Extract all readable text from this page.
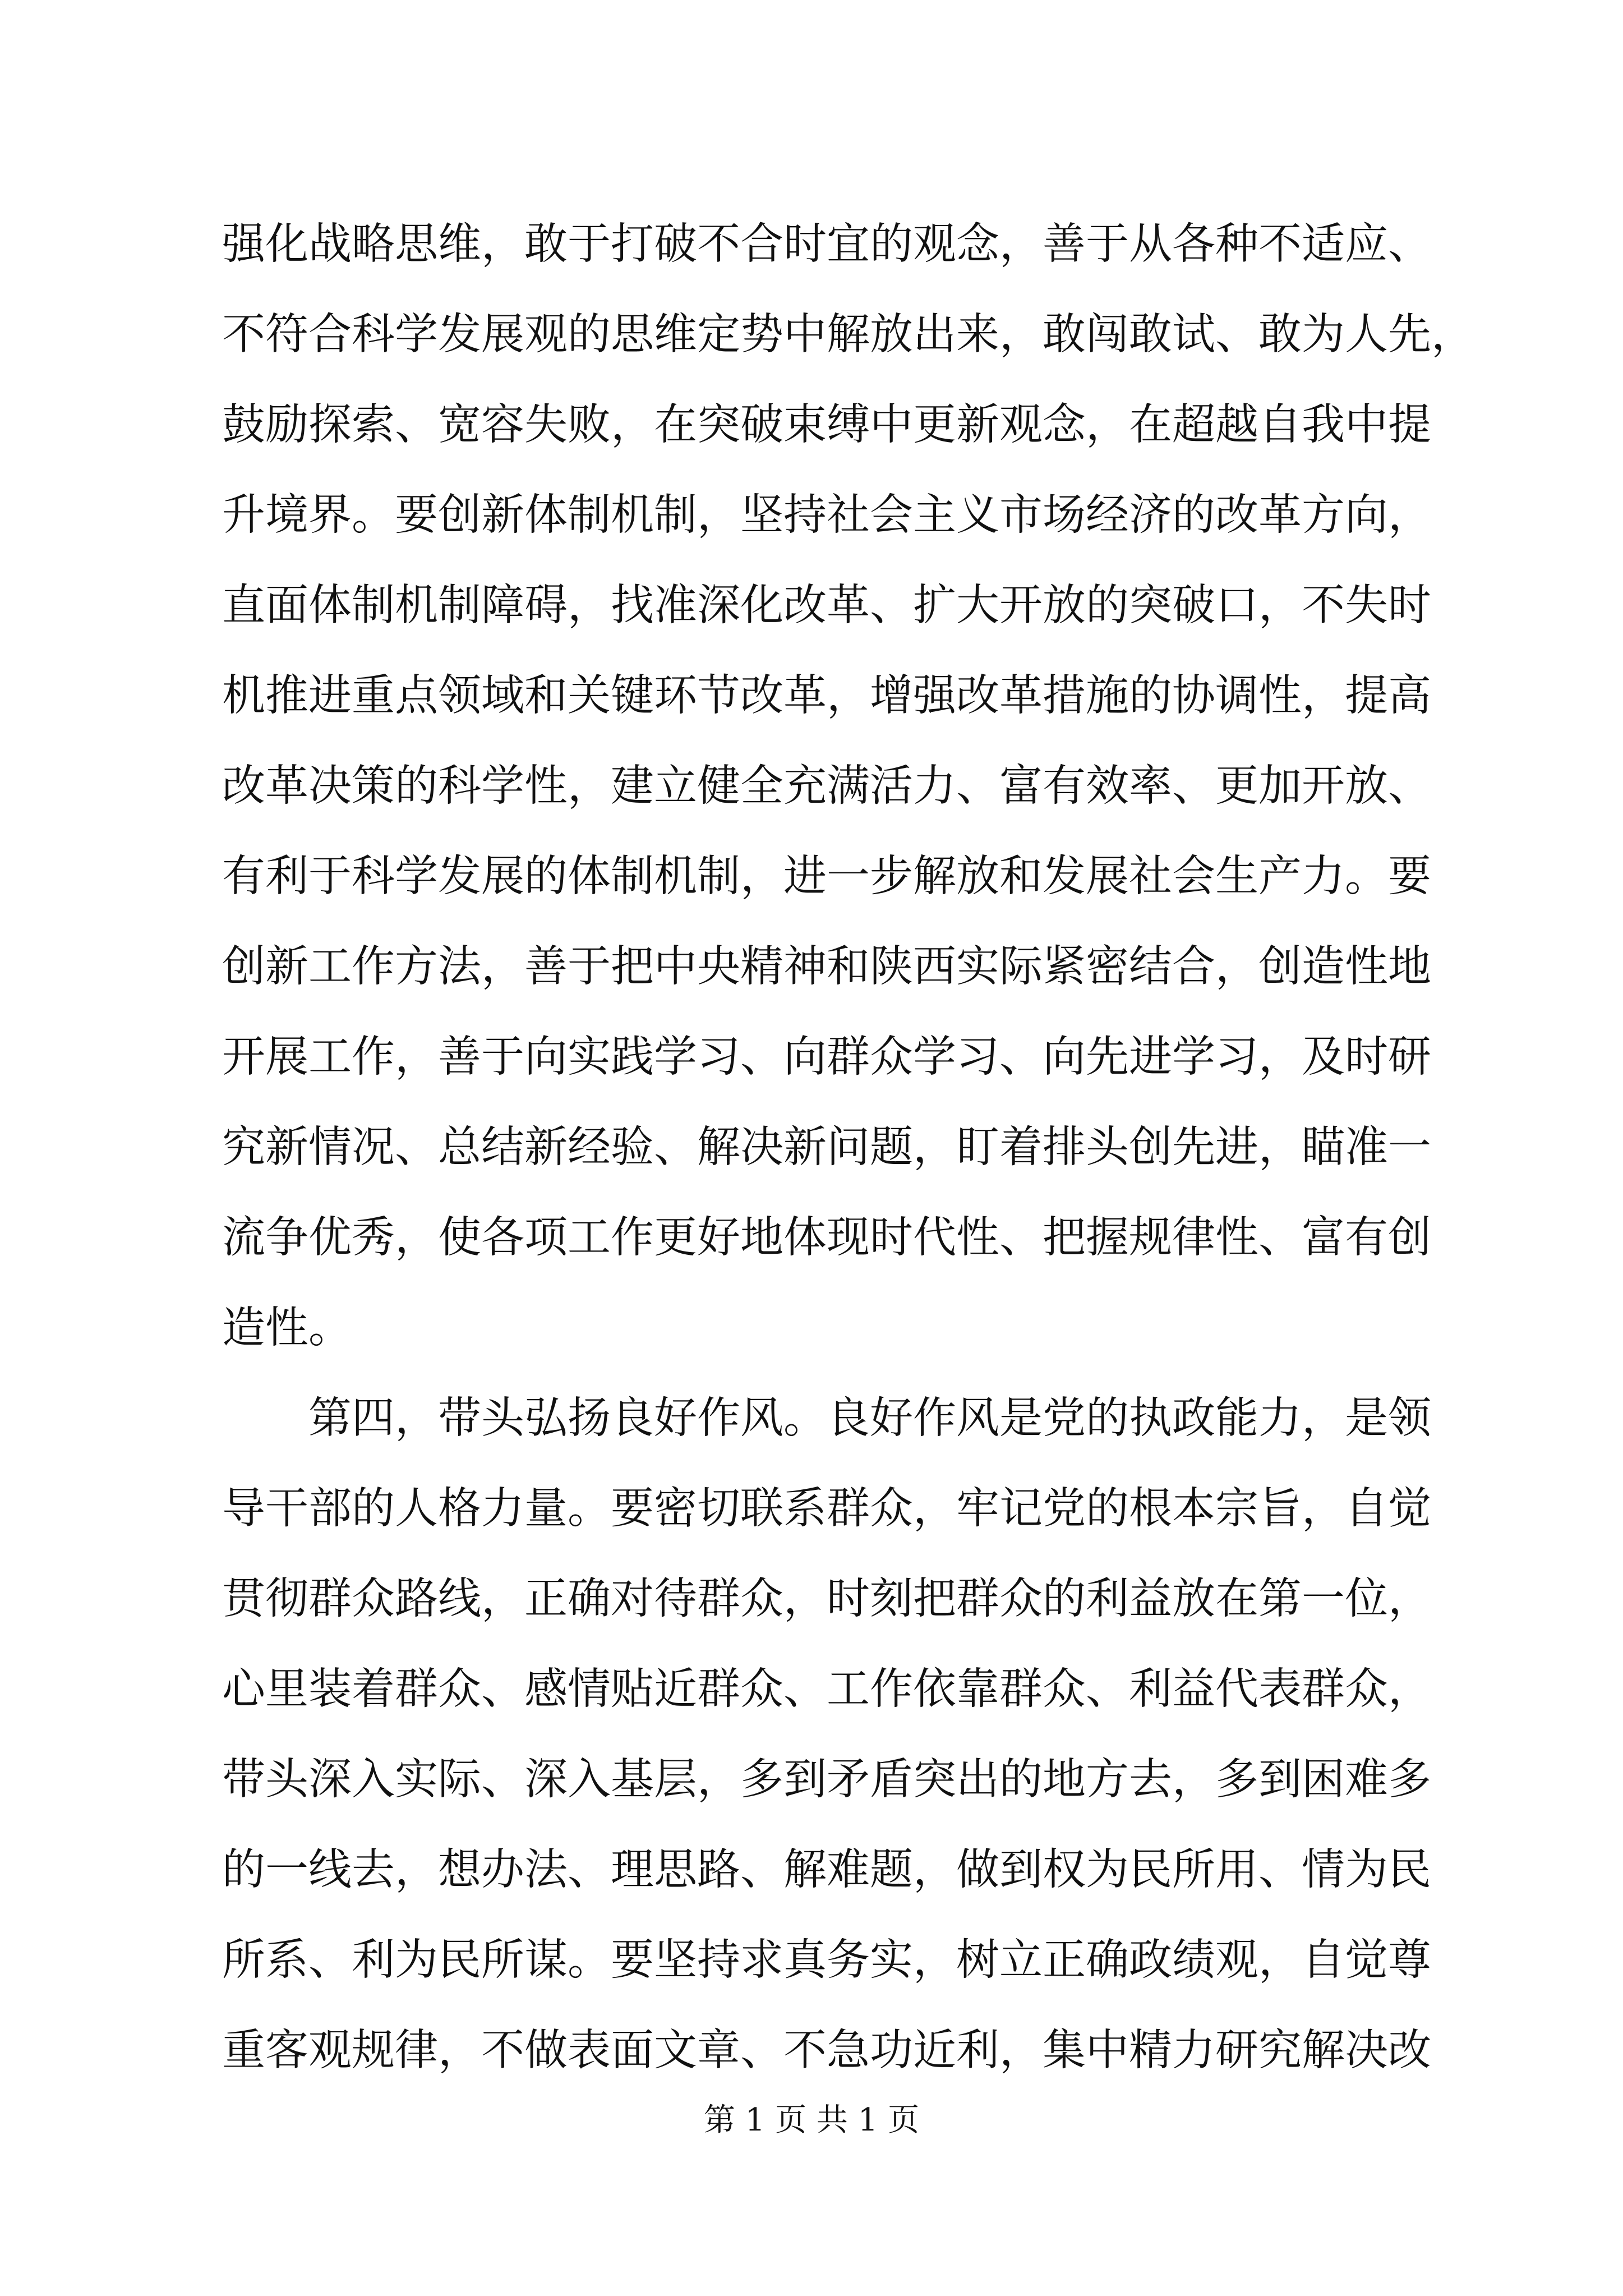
强化战略思维，敢于打破不合时宜的观念，善于从各种不适应、
不符合科学发展观的思维定势中解放出来，敢闯敢试、敢为人先，
鼓励探索、宽容失败，在突破束缚中更新观念，在超越自我中提
升境界。要创新体制机制，坚持社会主义市场经济的改革方向，
直面体制机制障碍，找准深化改革、扩大开放的突破口，不失时
机推进重点领域和关键环节改革，增强改革措施的协调性，提高
改革决策的科学性，建立健全充满活力、富有效率、更加开放、
有利于科学发展的体制机制，进一步解放和发展社会生产力。要
创新工作方法，善于把中央精神和陕西实际紧密结合，创造性地
开展工作，善于向实践学习、向群众学习、向先进学习，及时研
究新情况、总结新经验、解决新问题，盯着排头创先进，瞄准一
流争优秀，使各项工作更好地体现时代性、把握规律性、富有创
造性。
第四，带头弘扬良好作风。良好作风是党的执政能力，是领
导干部的人格力量。要密切联系群众，牢记党的根本宗旨，自觉
贯彻群众路线，正确对待群众，时刻把群众的利益放在第一位，
心里装着群众、感情贴近群众、工作依靠群众、利益代表群众，
带头深入实际、深入基层，多到矛盾突出的地方去，多到困难多
的一线去，想办法、理思路、解难题，做到权为民所用、情为民
所系、利为民所谋。要坚持求真务实，树立正确政绩观，自觉尊
重客观规律，不做表面文章、不急功近利，集中精力研究解决改
第 1 页 共 1 页
